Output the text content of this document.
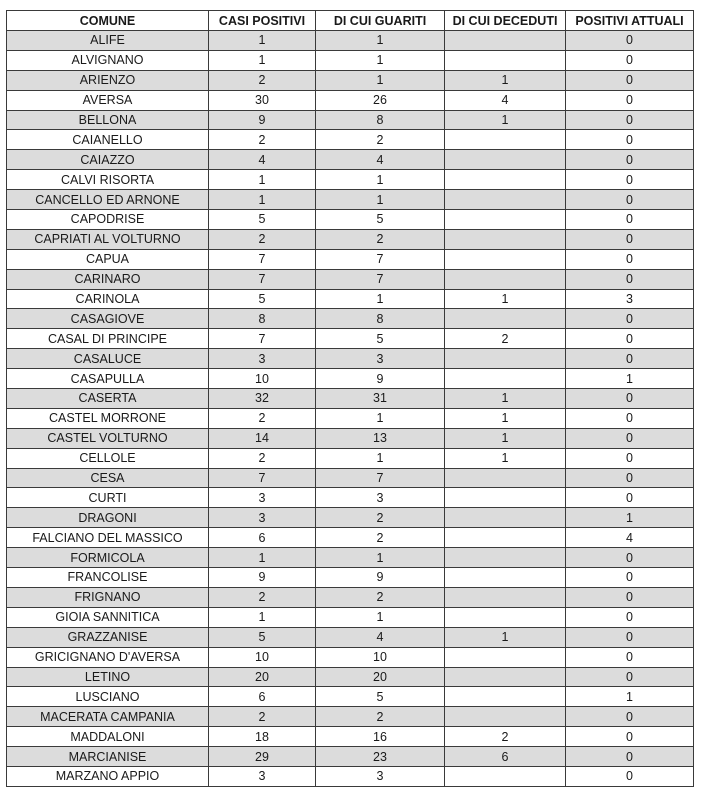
COMUNE	CASI POSITIVI	DI CUI GUARITI	DI CUI DECEDUTI	POSITIVI ATTUALI
ALIFE	1	1		0
ALVIGNANO	1	1		0
ARIENZO	2	1	1	0
AVERSA	30	26	4	0
BELLONA	9	8	1	0
CAIANELLO	2	2		0
CAIAZZO	4	4		0
CALVI RISORTA	1	1		0
CANCELLO ED ARNONE	1	1		0
CAPODRISE	5	5		0
CAPRIATI AL VOLTURNO	2	2		0
CAPUA	7	7		0
CARINARO	7	7		0
CARINOLA	5	1	1	3
CASAGIOVE	8	8		0
CASAL DI PRINCIPE	7	5	2	0
CASALUCE	3	3		0
CASAPULLA	10	9		1
CASERTA	32	31	1	0
CASTEL MORRONE	2	1	1	0
CASTEL VOLTURNO	14	13	1	0
CELLOLE	2	1	1	0
CESA	7	7		0
CURTI	3	3		0
DRAGONI	3	2		1
FALCIANO DEL MASSICO	6	2		4
FORMICOLA	1	1		0
FRANCOLISE	9	9		0
FRIGNANO	2	2		0
GIOIA SANNITICA	1	1		0
GRAZZANISE	5	4	1	0
GRICIGNANO D'AVERSA	10	10		0
LETINO	20	20		0
LUSCIANO	6	5		1
MACERATA CAMPANIA	2	2		0
MADDALONI	18	16	2	0
MARCIANISE	29	23	6	0
MARZANO APPIO	3	3		0
